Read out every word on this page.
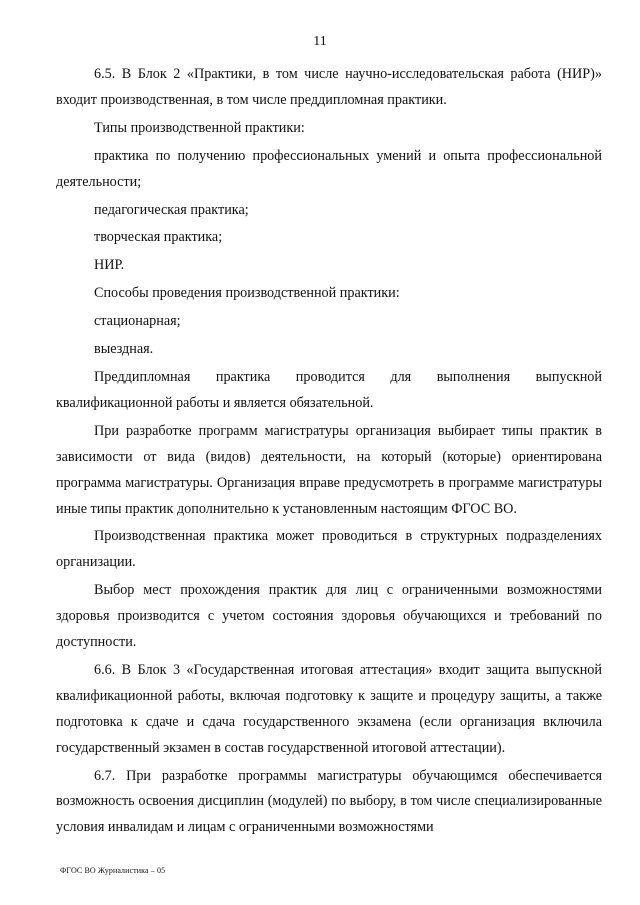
11

6.5. В Блок 2 «Практики, в том числе научно-исследовательская работа (НИР)» входит производственная, в том числе преддипломная практики.

Типы производственной практики:

практика по получению профессиональных умений и опыта профессиональной деятельности;

педагогическая практика;

творческая практика;

НИР.

Способы проведения производственной практики:

стационарная;

выездная.

Преддипломная практика проводится для выполнения выпускной квалификационной работы и является обязательной.

При разработке программ магистратуры организация выбирает типы практик в зависимости от вида (видов) деятельности, на который (которые) ориентирована программа магистратуры. Организация вправе предусмотреть в программе магистратуры иные типы практик дополнительно к установленным настоящим ФГОС ВО.

Производственная практика может проводиться в структурных подразделениях организации.

Выбор мест прохождения практик для лиц с ограниченными возможностями здоровья производится с учетом состояния здоровья обучающихся и требований по доступности.

6.6. В Блок 3 «Государственная итоговая аттестация» входит защита выпускной квалификационной работы, включая подготовку к защите и процедуру защиты, а также подготовка к сдаче и сдача государственного экзамена (если организация включила государственный экзамен в состав государственной итоговой аттестации).

6.7. При разработке программы магистратуры обучающимся обеспечивается возможность освоения дисциплин (модулей) по выбору, в том числе специализированные условия инвалидам и лицам с ограниченными возможностями

ФГОС ВО Журналистика – 05
